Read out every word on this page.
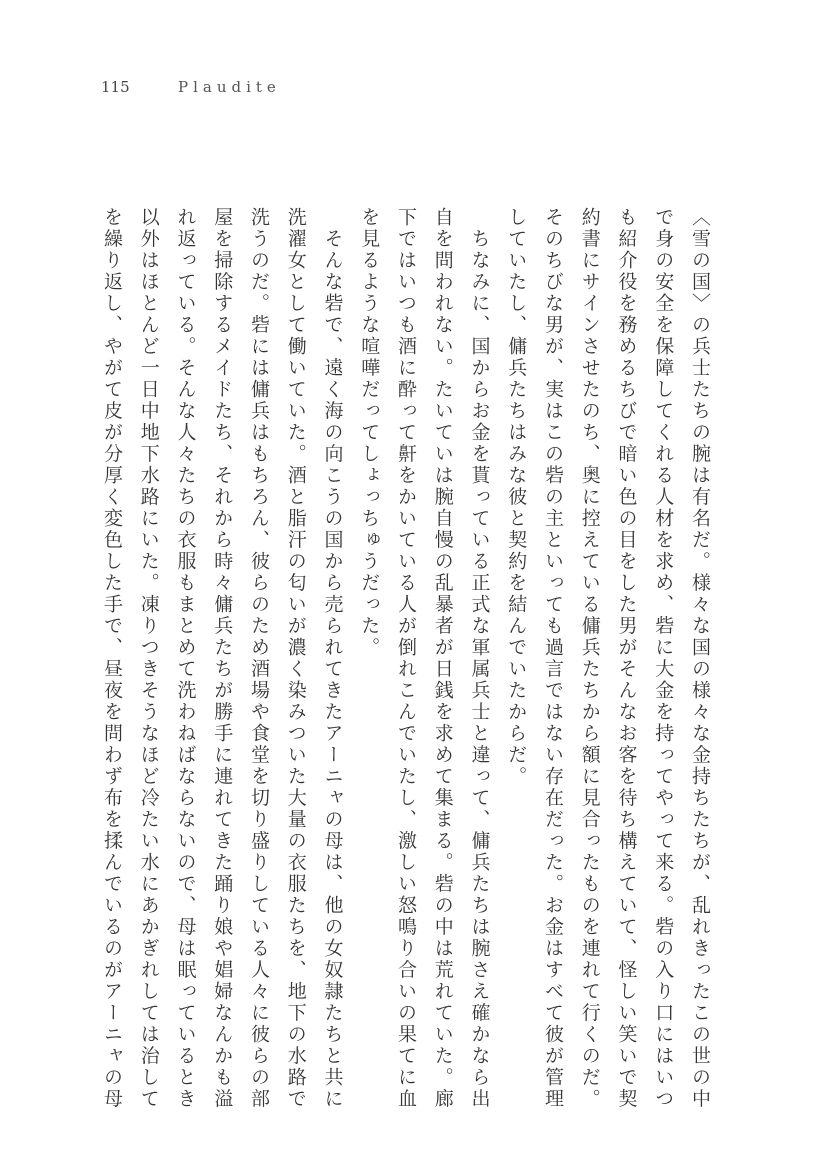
115	Plaudite
〈雪の国〉の兵士たちの腕は有名だ。様々な国の様々な金持ちたちが、乱れきったこの世の中
で身の安全を保障してくれる人材を求め、砦に大金を持ってやって来る。砦の入り口にはいつ
も紹介役を務めるちびで暗い色の目をした男がそんなお客を待ち構えていて、怪しい笑いで契
約書にサインさせたのち、奥に控えている傭兵たちから額に見合ったものを連れて行くのだ。
そのちびな男が、実はこの砦の主といっても過言ではない存在だった。お金はすべて彼が管理
していたし、傭兵たちはみな彼と契約を結んでいたからだ。
　ちなみに、国からお金を貰っている正式な軍属兵士と違って、傭兵たちは腕さえ確かなら出
自を問われない。たいていは腕自慢の乱暴者が日銭を求めて集まる。砦の中は荒れていた。廊
下ではいつも酒に酔って鼾をかいている人が倒れこんでいたし、激しい怒鳴り合いの果てに血
を見るような喧嘩だってしょっちゅうだった。
　そんな砦で、遠く海の向こうの国から売られてきたアーニャの母は、他の女奴隷たちと共に
洗濯女として働いていた。酒と脂汗の匂いが濃く染みついた大量の衣服たちを、地下の水路で
洗うのだ。砦には傭兵はもちろん、彼らのため酒場や食堂を切り盛りしている人々に彼らの部
屋を掃除するメイドたち、それから時々傭兵たちが勝手に連れてきた踊り娘や娼婦なんかも溢
れ返っている。そんな人々たちの衣服もまとめて洗わねばならないので、母は眠っているとき
以外はほとんど一日中地下水路にいた。凍りつきそうなほど冷たい水にあかぎれしては治して
を繰り返し、やがて皮が分厚く変色した手で、昼夜を問わず布を揉んでいるのがアーニャの母
